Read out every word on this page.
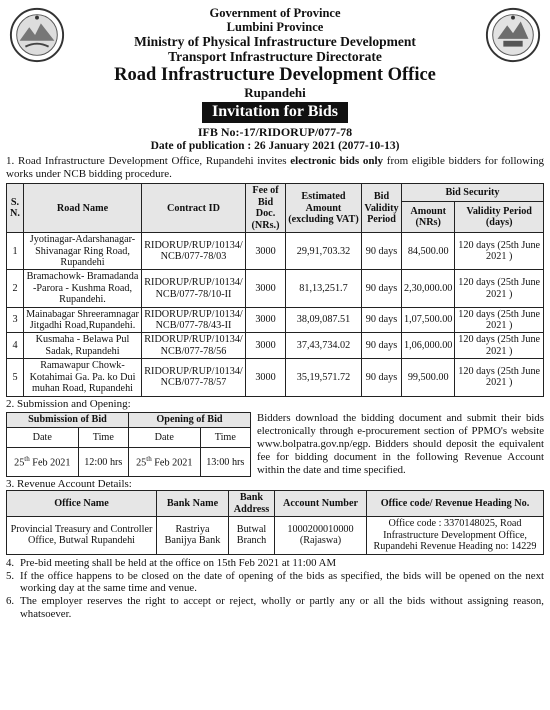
Government of Province
Lumbini Province
Ministry of Physical Infrastructure Development
Transport Infrastructure Directorate
Road Infrastructure Development Office
Rupandehi
Invitation for Bids
IFB No:-17/RIDORUP/077-78
Date of publication : 26 January 2021 (2077-10-13)
1. Road Infrastructure Development Office, Rupandehi invites electronic bids only from eligible bidders for following works under NCB bidding procedure.
S. N.	Road Name	Contract ID	Fee of Bid Doc. (NRs.)	Estimated Amount (excluding VAT)	Bid Validity Period	Bid Security	
						Amount (NRs)	Validity Period (days)
1	Jyotinagar-Adarshanagar-Shivanagar Ring Road, Rupandehi	RIDORUP/RUP/10134/ NCB/077-78/03	3000	29,91,703.32	90 days	84,500.00	120 days (25th June 2021 )
2	Bramachowk- Bramadanda -Parora - Kushma Road, Rupandehi.	RIDORUP/RUP/10134/ NCB/077-78/10-II	3000	81,13,251.7	90 days	2,30,000.00	120 days (25th June 2021 )
3	Mainabagar Shreeramnagar Jitgadhi Road,Rupandehi.	RIDORUP/RUP/10134/ NCB/077-78/43-II	3000	38,09,087.51	90 days	1,07,500.00	120 days (25th June 2021 )
4	Kusmaha - Belawa Pul Sadak, Rupandehi	RIDORUP/RUP/10134/ NCB/077-78/56	3000	37,43,734.02	90 days	1,06,000.00	120 days (25th June 2021 )
5	Ramawapur Chowk-Kotahimai Ga. Pa. ko Dui muhan Road, Rupandehi	RIDORUP/RUP/10134/ NCB/077-78/57	3000	35,19,571.72	90 days	99,500.00	120 days (25th June 2021 )
2. Submission and Opening:
Submission of Bid		Opening of Bid	
Date	Time	Date	Time
25th Feb 2021	12:00 hrs	25th Feb 2021	13:00 hrs
Bidders download the bidding document and submit their bids electronically through e-procurement section of PPMO's website www.bolpatra.gov.np/egp. Bidders should deposit the equivalent fee for bidding document in the following Revenue Account within the date and time specified.
3. Revenue Account Details:
Office Name	Bank Name	Bank Address	Account Number	Office code/ Revenue Heading No.
Provincial Treasury and Controller Office, Butwal Rupandehi	Rastriya Banijya Bank	Butwal Branch	1000200010000 (Rajaswa)	Office code : 3370148025, Road Infrastructure Development Office, Rupandehi Revenue Heading no: 14229
4. Pre-bid meeting shall be held at the office on 15th Feb 2021 at 11:00 AM
5. If the office happens to be closed on the date of opening of the bids as specified, the bids will be opened on the next working day at the same time and venue.
6. The employer reserves the right to accept or reject, wholly or partly any or all the bids without assigning reason, whatsoever.
